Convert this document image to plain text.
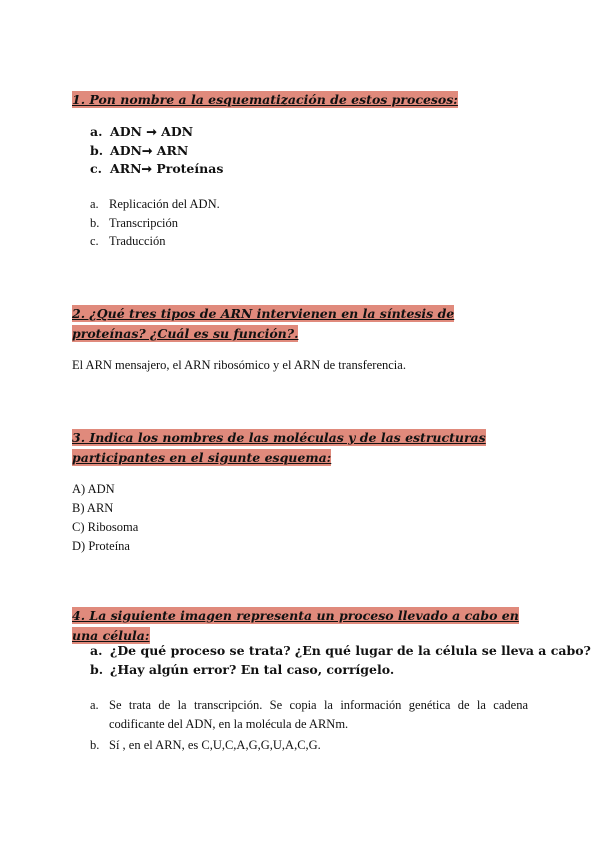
1. Pon nombre a la esquematización de estos procesos:
a. ADN ➞ ADN
b. ADN➞ ARN
c. ARN➞ Proteínas
a. Replicación del ADN.
b. Transcripción
c. Traducción
2. ¿Qué tres tipos de ARN intervienen en la síntesis de proteínas? ¿Cuál es su función?.
El ARN mensajero, el ARN ribosómico y el ARN de transferencia.
3. Indica los nombres de las moléculas y de las estructuras participantes en el sigunte esquema:
A) ADN
B) ARN
C) Ribosoma
D) Proteína
4. La siguiente imagen representa un proceso llevado a cabo en una célula:
a. ¿De qué proceso se trata? ¿En qué lugar de la célula se lleva a cabo?
b. ¿Hay algún error? En tal caso, corrígelo.
a. Se trata de la transcripción. Se copia la información genética de la cadena codificante del ADN, en la molécula de ARNm.
b. Sí , en el ARN, es C,U,C,A,G,G,U,A,C,G.
